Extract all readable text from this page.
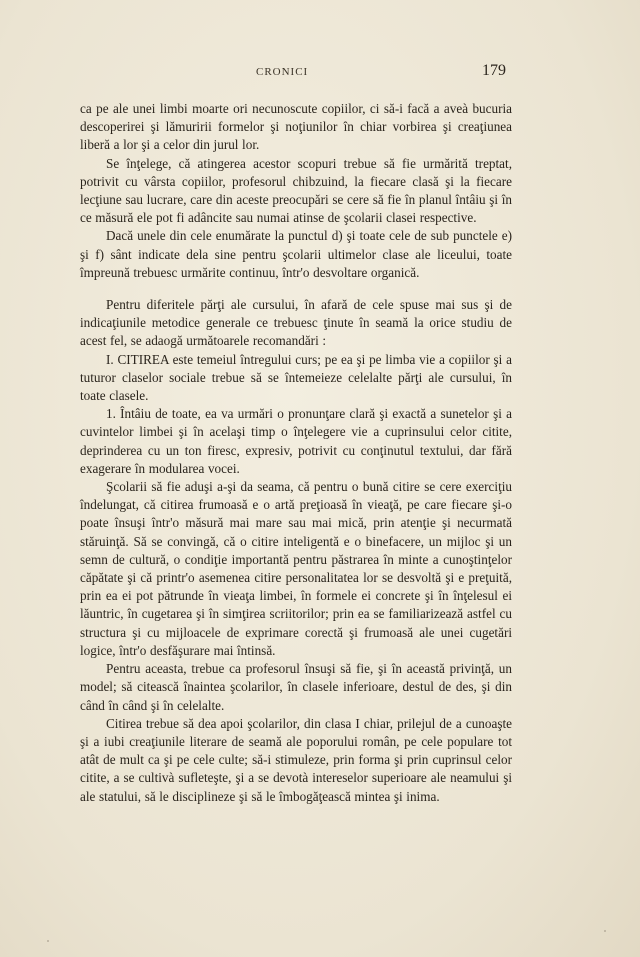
CRONICI	179

ca pe ale unei limbi moarte ori necunoscute copiilor, ci să-i facă a aveà bucuria descoperirei şi lămuririi formelor şi noţiunilor în chiar vorbirea şi creaţiunea liberă a lor şi a celor din jurul lor.

Se înţelege, că atingerea acestor scopuri trebue să fie urmărită treptat, potrivit cu vârsta copiilor, profesorul chibzuind, la fiecare clasă şi la fiecare lecţiune sau lucrare, care din aceste preocupări se cere să fie în planul întâiu şi în ce măsură ele pot fi adâncite sau numai atinse de şcolarii clasei respective.

Dacă unele din cele enumărate la punctul d) şi toate cele de sub punctele e) şi f) sânt indicate dela sine pentru şcolarii ultimelor clase ale liceului, toate împreună trebuesc urmărite continuu, într'o desvoltare organică.

Pentru diferitele părţi ale cursului, în afară de cele spuse mai sus şi de indicaţiunile metodice generale ce trebuesc ţinute în seamă la orice studiu de acest fel, se adaogă următoarele recomandări :

I. CITIREA este temeiul întregului curs; pe ea şi pe limba vie a copiilor şi a tuturor claselor sociale trebue să se întemeieze celelalte părţi ale cursului, în toate clasele.

1. Întâiu de toate, ea va urmări o pronunţare clară şi exactă a sunetelor şi a cuvintelor limbei şi în acelaşi timp o înţelegere vie a cuprinsului celor citite, deprinderea cu un ton firesc, expresiv, potrivit cu conţinutul textului, dar fără exagerare în modularea vocei.

Şcolarii să fie aduşi a-şi da seama, că pentru o bună citire se cere exerciţiu îndelungat, că citirea frumoasă e o artă preţioasă în vieaţă, pe care fiecare şi-o poate însuşi într'o măsură mai mare sau mai mică, prin atenţie şi necurmată stăruinţă. Să se convingă, că o citire inteligentă e o binefacere, un mijloc şi un semn de cultură, o condiţie importantă pentru păstrarea în minte a cunoştinţelor căpătate şi că printr'o asemenea citire personalitatea lor se desvoltă şi e preţuită, prin ea ei pot pătrunde în vieaţa limbei, în formele ei concrete şi în înţelesul ei lăuntric, în cugetarea şi în simţirea scriitorilor; prin ea se familiarizează astfel cu structura şi cu mijloacele de exprimare corectă şi frumoasă ale unei cugetări logice, într'o desfăşurare mai întinsă.

Pentru aceasta, trebue ca profesorul însuşi să fie, şi în această privinţă, un model; să citească înaintea şcolarilor, în clasele inferioare, destul de des, şi din când în când şi în celelalte.

Citirea trebue să dea apoi şcolarilor, din clasa I chiar, prilejul de a cunoaşte şi a iubi creaţiunile literare de seamă ale poporului român, pe cele populare tot atât de mult ca şi pe cele culte; să-i stimuleze, prin forma şi prin cuprinsul celor citite, a se cultivà sufleteşte, şi a se devotà intereselor superioare ale neamului şi ale statului, să le disciplineze şi să le îmbogăţească mintea şi inima.
